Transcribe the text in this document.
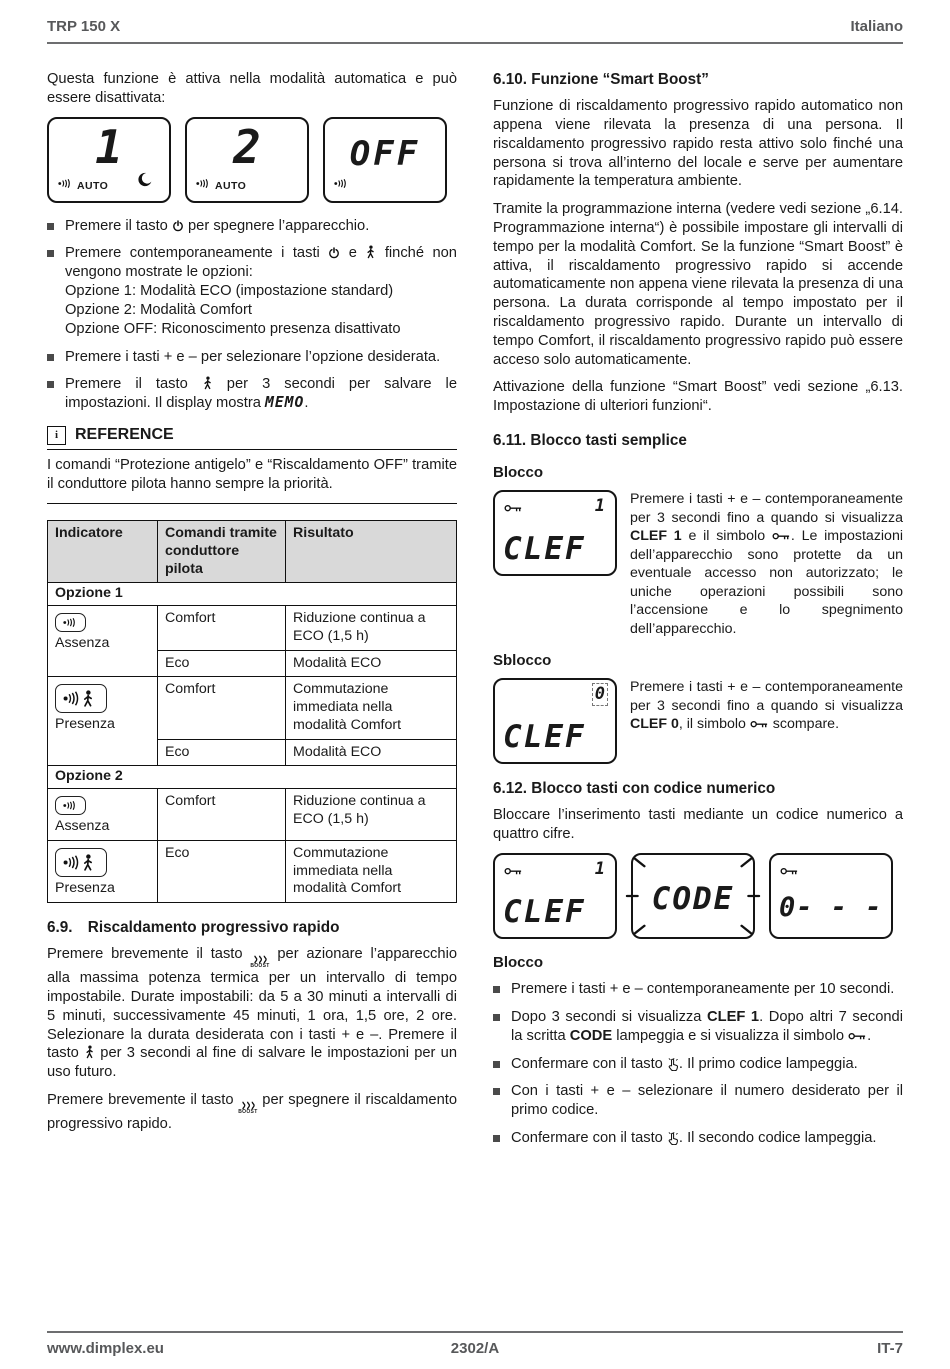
TRP 150 X	Italiano

Questa funzione è attiva nella modalità automatica e può essere disattivata:

1
AUTO
2
AUTO
OFF
Premere il tasto
per spegnere l’apparecchio.
Premere contemporaneamente i tasti
e
finché non vengono mostrate le opzioni:
Opzione 1: Modalità ECO (impostazione standard)
Opzione 2: Modalità Comfort
Opzione OFF: Riconoscimento presenza disattivato
Premere i tasti + e – per selezionare l’opzione desiderata.
Premere il tasto
per 3 secondi per salvare le impostazioni. Il display mostra MEMO.
i	REFERENCE
I comandi “Protezione antigelo” e “Riscaldamento OFF” tramite il conduttore pilota hanno sempre la priorità.
Indicatore	Comandi tramite conduttore pilota	Risultato
Opzione 1		

Assenza	Comfort	Riduzione continua a ECO (1,5 h)
	Eco	Modalità ECO

Presenza	Comfort	Commutazione immediata nella modalità Comfort
	Eco	Modalità ECO
Opzione 2		

Assenza	Comfort	Riduzione continua a ECO (1,5 h)

Presenza	Eco	Commutazione immediata nella modalità Comfort
6.9. Riscaldamento progressivo rapido

Premere brevemente il tasto
BOOST
per azionare l’apparecchio alla massima potenza termica per un intervallo di tempo impostabile. Durate impostabili: da 5 a 30 minuti a intervalli di 5 minuti, successivamente 45 minuti, 1 ora, 1,5 ore, 2 ore. Selezionare la durata desiderata con i tasti + e –. Premere il tasto
per 3 secondi al fine di salvare le impostazioni per un uso futuro.

Premere brevemente il tasto
BOOST
per spegnere il riscaldamento progressivo rapido.

6.10. Funzione “Smart Boost”

Funzione di riscaldamento progressivo rapido automatico non appena viene rilevata la presenza di una persona. Il riscaldamento progressivo rapido resta attivo solo finché una persona si trova all’interno del locale e serve per aumentare rapidamente la temperatura ambiente.

Tramite la programmazione interna (vedere vedi sezione „6.14. Programmazione interna“) è possibile impostare gli intervalli di tempo per la modalità Comfort. Se la funzione “Smart Boost” è attiva, il riscaldamento progressivo rapido si accende automaticamente non appena viene rilevata la presenza di una persona. La durata corrisponde al tempo impostato per il riscaldamento progressivo rapido. Durante un intervallo di tempo Comfort, il riscaldamento progressivo rapido può essere acceso solo automaticamente.

Attivazione della funzione “Smart Boost” vedi sezione „6.13. Impostazione di ulteriori funzioni“.

6.11. Blocco tasti semplice
Blocco
1
CLEF
Premere i tasti + e – contemporaneamente per 3 secondi fino a quando si visualizza CLEF 1 e il simbolo
. Le impostazioni dell’apparecchio sono protette da un eventuale accesso non autorizzato; le uniche operazioni possibili sono l’accensione e lo spegnimento dell’apparecchio.
Sblocco
0
CLEF
Premere i tasti + e – contemporaneamente per 3 secondi fino a quando si visualizza CLEF 0, il simbolo
scompare.
6.12. Blocco tasti con codice numerico

Bloccare l’inserimento tasti mediante un codice numerico a quattro cifre.

1
CLEF	CODE	0- - -
Blocco
Premere i tasti + e – contemporaneamente per 10 secondi.
Dopo 3 secondi si visualizza CLEF 1. Dopo altri 7 secondi la scritta CODE lampeggia e si visualizza il simbolo
.
Confermare con il tasto
. Il primo codice lampeggia.
Con i tasti + e – selezionare il numero desiderato per il primo codice.
Confermare con il tasto
. Il secondo codice lampeggia.
www.dimplex.eu	2302/A	IT-7
